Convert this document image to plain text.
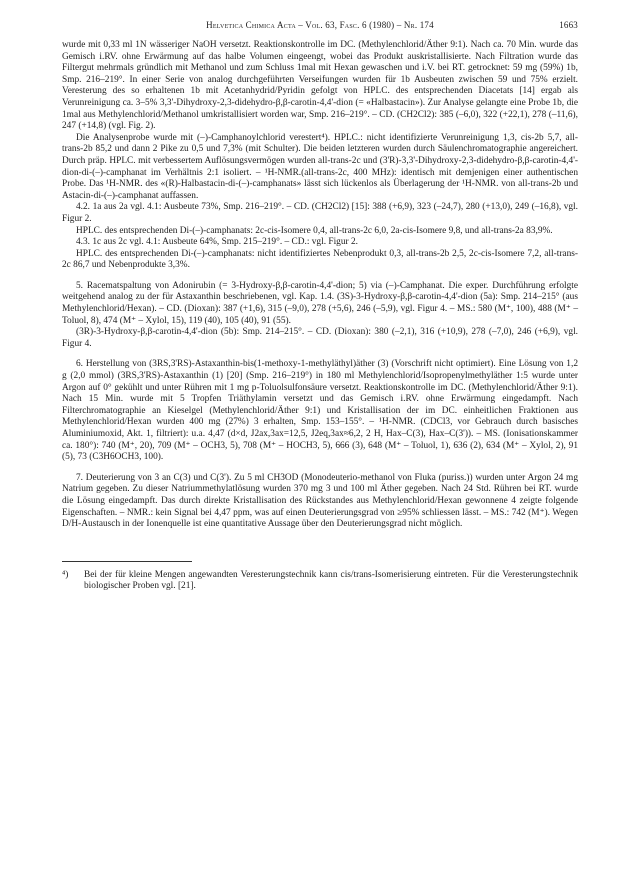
Helvetica Chimica Acta – Vol. 63, Fasc. 6 (1980) – Nr. 174	1663

wurde mit 0,33 ml 1N wässeriger NaOH versetzt. Reaktionskontrolle im DC. (Methylenchlorid/Äther 9:1). Nach ca. 70 Min. wurde das Gemisch i.RV. ohne Erwärmung auf das halbe Volumen eingeengt, wobei das Produkt auskristallisierte. Nach Filtration wurde das Filtergut mehrmals gründlich mit Methanol und zum Schluss 1mal mit Hexan gewaschen und i.V. bei RT. getrocknet: 59 mg (59%) 1b, Smp. 216–219°. In einer Serie von analog durchgeführten Verseifungen wurden für 1b Ausbeuten zwischen 59 und 75% erzielt. Veresterung des so erhaltenen 1b mit Acetanhydrid/Pyridin gefolgt von HPLC. des entsprechenden Diacetats [14] ergab als Verunreinigung ca. 3–5% 3,3'-Dihydroxy-2,3-didehydro-β,β-carotin-4,4'-dion (= «Halbastacin»). Zur Analyse gelangte eine Probe 1b, die 1mal aus Methylenchlorid/Methanol umkristallisiert worden war, Smp. 216–219°. – CD. (CH2Cl2): 385 (–6,0), 322 (+22,1), 278 (–11,6), 247 (+14,8) (vgl. Fig. 2).

Die Analysenprobe wurde mit (–)-Camphanoylchlorid verestert⁴). HPLC.: nicht identifizierte Verunreinigung 1,3, cis-2b 5,7, all-trans-2b 85,2 und dann 2 Pike zu 0,5 und 7,3% (mit Schulter). Die beiden letzteren wurden durch Säulenchromatographie angereichert. Durch präp. HPLC. mit verbessertem Auflösungsvermögen wurden all-trans-2c und (3'R)-3,3'-Dihydroxy-2,3-didehydro-β,β-carotin-4,4'-dion-di-(–)-camphanat im Verhältnis 2:1 isoliert. – ¹H-NMR.(all-trans-2c, 400 MHz): identisch mit demjenigen einer authentischen Probe. Das ¹H-NMR. des «(R)-Halbastacin-di-(–)-camphanats» lässt sich lückenlos als Überlagerung der ¹H-NMR. von all-trans-2b und Astacin-di-(–)-camphanat auffassen.

4.2. 1a aus 2a vgl. 4.1: Ausbeute 73%, Smp. 216–219°. – CD. (CH2Cl2) [15]: 388 (+6,9), 323 (–24,7), 280 (+13,0), 249 (–16,8), vgl. Figur 2.

HPLC. des entsprechenden Di-(–)-camphanats: 2c-cis-Isomere 0,4, all-trans-2c 6,0, 2a-cis-Isomere 9,8, und all-trans-2a 83,9%.

4.3. 1c aus 2c vgl. 4.1: Ausbeute 64%, Smp. 215–219°. – CD.: vgl. Figur 2.

HPLC. des entsprechenden Di-(–)-camphanats: nicht identifiziertes Nebenprodukt 0,3, all-trans-2b 2,5, 2c-cis-Isomere 7,2, all-trans-2c 86,7 und Nebenprodukte 3,3%.

5. Racematspaltung von Adonirubin (= 3-Hydroxy-β,β-carotin-4,4'-dion; 5) via (–)-Camphanat. Die exper. Durchführung erfolgte weitgehend analog zu der für Astaxanthin beschriebenen, vgl. Kap. 1.4. (3S)-3-Hydroxy-β,β-carotin-4,4'-dion (5a): Smp. 214–215° (aus Methylenchlorid/Hexan). – CD. (Dioxan): 387 (+1,6), 315 (–9,0), 278 (+5,6), 246 (–5,9), vgl. Figur 4. – MS.: 580 (M⁺, 100), 488 (M⁺ – Toluol, 8), 474 (M⁺ – Xylol, 15), 119 (40), 105 (40), 91 (55).

(3R)-3-Hydroxy-β,β-carotin-4,4'-dion (5b): Smp. 214–215°. – CD. (Dioxan): 380 (–2,1), 316 (+10,9), 278 (–7,0), 246 (+6,9), vgl. Figur 4.

6. Herstellung von (3RS,3'RS)-Astaxanthin-bis(1-methoxy-1-methyläthyl)äther (3) (Vorschrift nicht optimiert). Eine Lösung von 1,2 g (2,0 mmol) (3RS,3'RS)-Astaxanthin (1) [20] (Smp. 216–219°) in 180 ml Methylenchlorid/Isopropenylmethyläther 1:5 wurde unter Argon auf 0° gekühlt und unter Rühren mit 1 mg p-Toluolsulfonsäure versetzt. Reaktionskontrolle im DC. (Methylenchlorid/Äther 9:1). Nach 15 Min. wurde mit 5 Tropfen Triäthylamin versetzt und das Gemisch i.RV. ohne Erwärmung eingedampft. Nach Filterchromatographie an Kieselgel (Methylenchlorid/Äther 9:1) und Kristallisation der im DC. einheitlichen Fraktionen aus Methylenchlorid/Hexan wurden 400 mg (27%) 3 erhalten, Smp. 153–155°. – ¹H-NMR. (CDCl3, vor Gebrauch durch basisches Aluminiumoxid, Akt. 1, filtriert): u.a. 4,47 (d×d, J2ax,3ax=12,5, J2eq,3ax≈6,2, 2 H, Hax–C(3), Hax–C(3')). – MS. (Ionisationskammer ca. 180°): 740 (M⁺, 20), 709 (M⁺ – OCH3, 5), 708 (M⁺ – HOCH3, 5), 666 (3), 648 (M⁺ – Toluol, 1), 636 (2), 634 (M⁺ – Xylol, 2), 91 (5), 73 (C3H6OCH3, 100).

7. Deuterierung von 3 an C(3) und C(3'). Zu 5 ml CH3OD (Monodeuterio-methanol von Fluka (puriss.)) wurden unter Argon 24 mg Natrium gegeben. Zu dieser Natriummethylatlösung wurden 370 mg 3 und 100 ml Äther gegeben. Nach 24 Std. Rühren bei RT. wurde die Lösung eingedampft. Das durch direkte Kristallisation des Rückstandes aus Methylenchlorid/Hexan gewonnene 4 zeigte folgende Eigenschaften. – NMR.: kein Signal bei 4,47 ppm, was auf einen Deuterierungsgrad von ≥95% schliessen lässt. – MS.: 742 (M⁺). Wegen D/H-Austausch in der Ionenquelle ist eine quantitative Aussage über den Deuterierungsgrad nicht möglich.

⁴)	Bei der für kleine Mengen angewandten Veresterungstechnik kann cis/trans-Isomerisierung eintreten. Für die Veresterungstechnik biologischer Proben vgl. [21].
